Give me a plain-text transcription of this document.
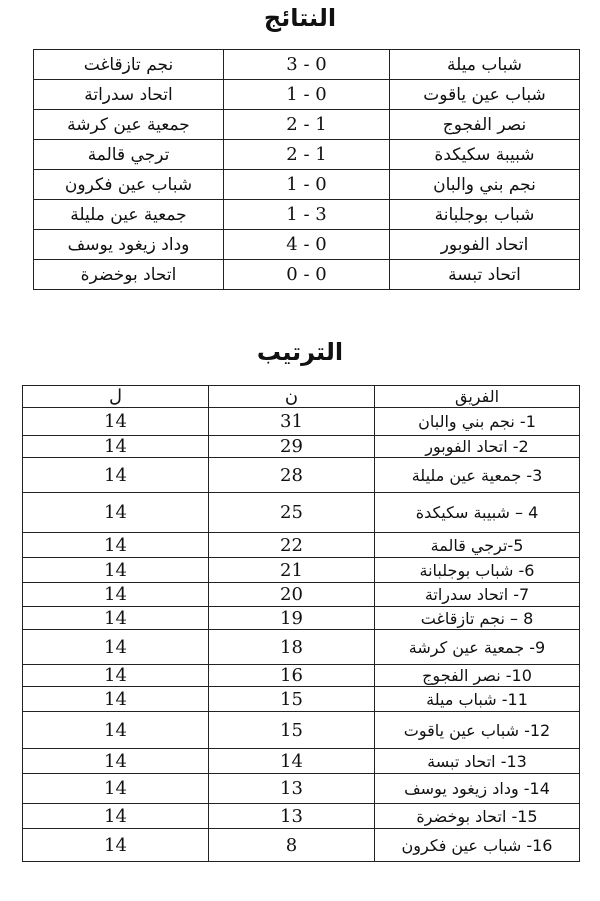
النتائج
شباب ميلة	3 - 0	نجم تازقاغت
شباب عين ياقوت	1 - 0	اتحاد سدراتة
نصر الفجوج	2 - 1	جمعية عين كرشة
شبيبة سكيكدة	2 - 1	ترجي قالمة
نجم بني والبان	1 - 0	شباب عين فكرون
شباب بوجلبانة	1 - 3	جمعية عين مليلة
اتحاد الفوبور	4 - 0	وداد زيغود يوسف
اتحاد تبسة	0 - 0	اتحاد بوخضرة
الترتيب
الفريق	ن	ل
1- نجم بني والبان	31	14
2- اتحاد الفوبور	29	14
3- جمعية عين مليلة	28	14
4 – شبيبة سكيكدة	25	14
5-ترجي قالمة	22	14
6- شباب بوجلبانة	21	14
7- اتحاد سدراتة	20	14
8 – نجم تازقاغت	19	14
9- جمعية عين كرشة	18	14
10- نصر الفجوج	16	14
11- شباب ميلة	15	14
12- شباب عين ياقوت	15	14
13- اتحاد تبسة	14	14
14- وداد زيغود يوسف	13	14
15- اتحاد بوخضرة	13	14
16- شباب عين فكرون	8	14
